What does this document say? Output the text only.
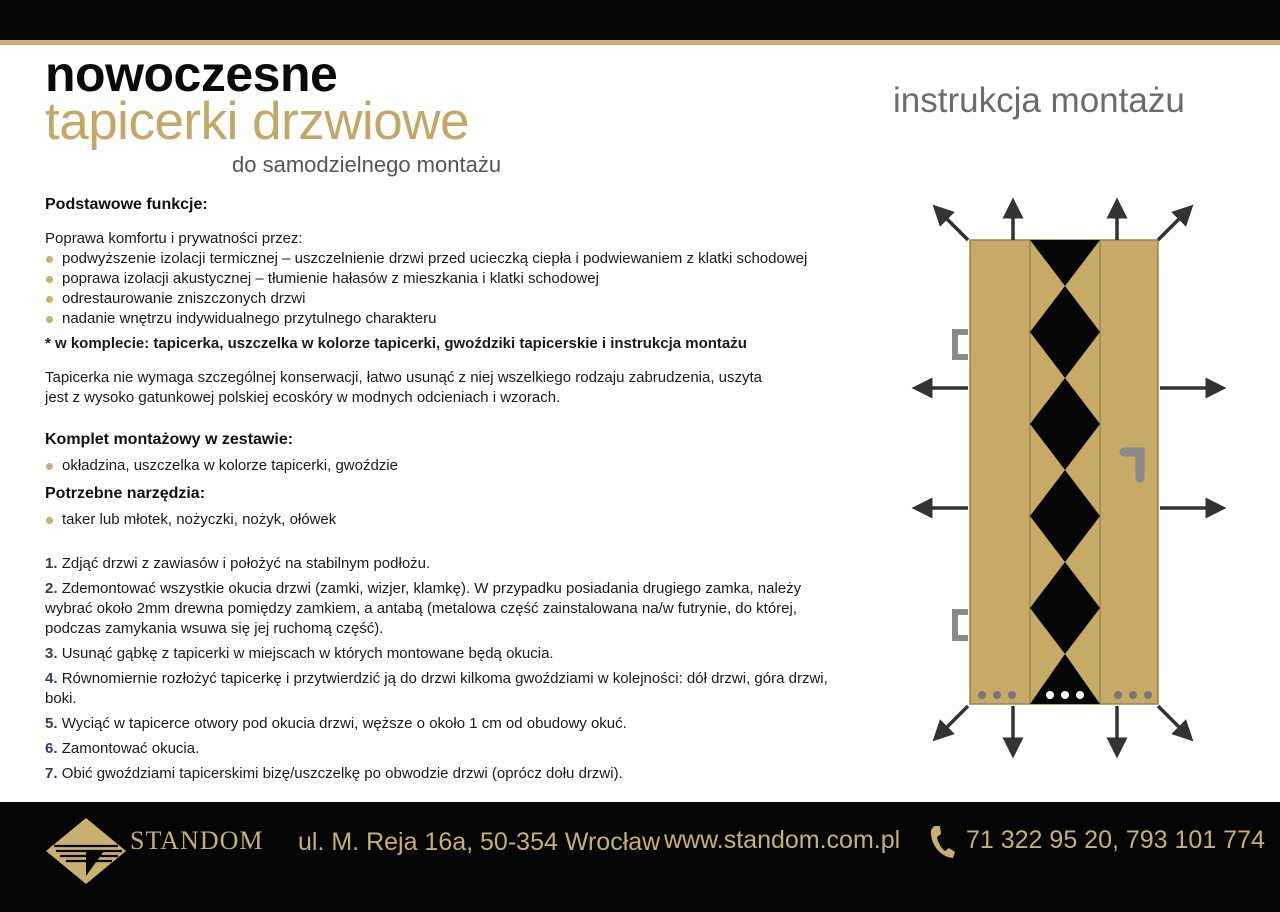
nowoczesne
tapicerki drzwiowe
do samodzielnego montażu
instrukcja montażu
Podstawowe funkcje:
Poprawa komfortu i prywatności przez:
podwyższenie izolacji termicznej – uszczelnienie drzwi przed ucieczką ciepła i podwiewaniem z klatki schodowej
poprawa izolacji akustycznej – tłumienie hałasów z mieszkania i klatki schodowej
odrestaurowanie zniszczonych drzwi
nadanie wnętrzu indywidualnego przytulnego charakteru
* w komplecie: tapicerka, uszczelka w kolorze tapicerki, gwoździki tapicerskie i instrukcja montażu
Tapicerka nie wymaga szczególnej konserwacji, łatwo usunąć z niej wszelkiego rodzaju zabrudzenia, uszyta
jest z wysoko gatunkowej polskiej ecoskóry w modnych odcieniach i wzorach.
Komplet montażowy w zestawie:
okładzina, uszczelka w kolorze tapicerki, gwoździe
Potrzebne narzędzia:
taker lub młotek, nożyczki, nożyk, ołówek
1. Zdjąć drzwi z zawiasów i położyć na stabilnym podłożu.
2. Zdemontować wszystkie okucia drzwi (zamki, wizjer, klamkę). W przypadku posiadania drugiego zamka, należy wybrać około 2mm drewna pomiędzy zamkiem, a antabą (metalowa część zainstalowana na/w futrynie, do której, podczas zamykania wsuwa się jej ruchomą część).
3. Usunąć gąbkę z tapicerki w miejscach w których montowane będą okucia.
4. Równomiernie rozłożyć tapicerkę i przytwierdzić ją do drzwi kilkoma gwoździami w kolejności: dół drzwi, góra drzwi, boki.
5. Wyciąć w tapicerce otwory pod okucia drzwi, węższe o około 1 cm od obudowy okuć.
6. Zamontować okucia.
7. Obić gwoździami tapicerskimi bizę/uszczelkę po obwodzie drzwi (oprócz dołu drzwi).
STANDOM ul. M. Reja 16a, 50-354 Wrocław www.standom.com.pl	71 322 95 20, 793 101 774
